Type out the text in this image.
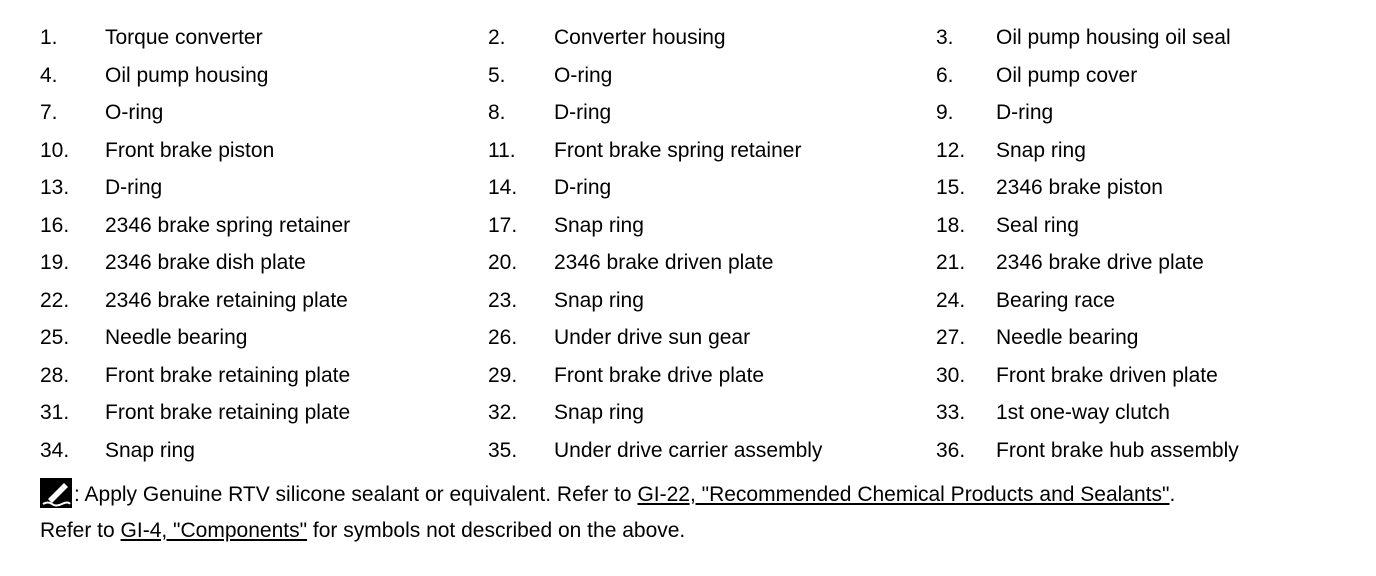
1. Torque converter	2. Converter housing	3. Oil pump housing oil seal
4. Oil pump housing	5. O-ring	6. Oil pump cover
7. O-ring	8. D-ring	9. D-ring
10. Front brake piston	11. Front brake spring retainer	12. Snap ring
13. D-ring	14. D-ring	15. 2346 brake piston
16. 2346 brake spring retainer	17. Snap ring	18. Seal ring
19. 2346 brake dish plate	20. 2346 brake driven plate	21. 2346 brake drive plate
22. 2346 brake retaining plate	23. Snap ring	24. Bearing race
25. Needle bearing	26. Under drive sun gear	27. Needle bearing
28. Front brake retaining plate	29. Front brake drive plate	30. Front brake driven plate
31. Front brake retaining plate	32. Snap ring	33. 1st one-way clutch
34. Snap ring	35. Under drive carrier assembly	36. Front brake hub assembly
: Apply Genuine RTV silicone sealant or equivalent. Refer to GI-22, "Recommended Chemical Products and Sealants".
Refer to GI-4, "Components" for symbols not described on the above.
